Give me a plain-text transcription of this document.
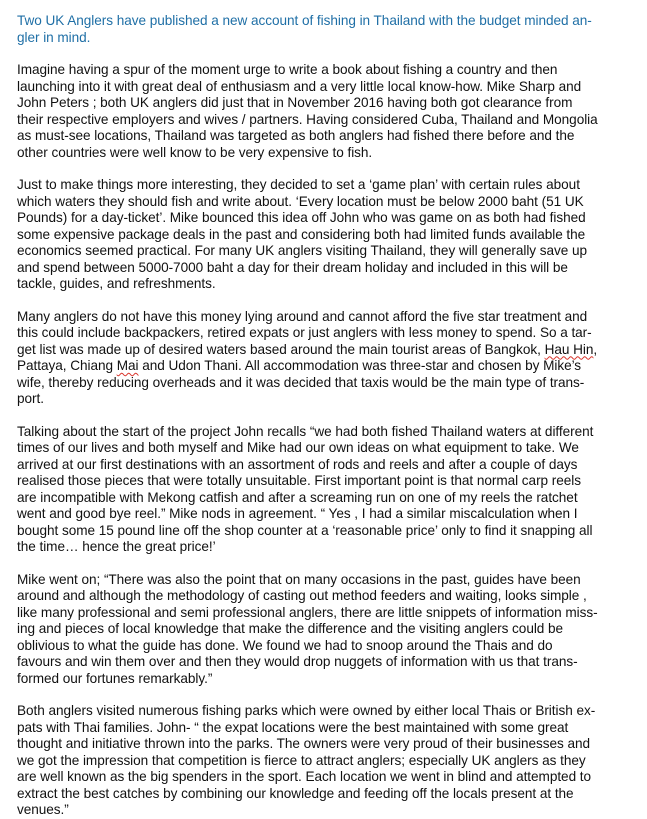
Two UK Anglers have published a new account of fishing in Thailand with the budget minded an-
gler in mind.
Imagine having a spur of the moment urge to write a book about fishing a country and then
launching into it with great deal of enthusiasm and a very little local know-how. Mike Sharp and
John Peters ; both UK anglers did just that in November 2016 having both got clearance from
their respective employers and wives / partners. Having considered Cuba, Thailand and Mongolia
as must-see locations, Thailand was targeted as both anglers had fished there before and the
other countries were well know to be very expensive to fish.
Just to make things more interesting, they decided to set a ‘game plan’ with certain rules about
which waters they should fish and write about. ‘Every location must be below 2000 baht (51 UK
Pounds) for a day-ticket’. Mike bounced this idea off John who was game on as both had fished
some expensive package deals in the past and considering both had limited funds available the
economics seemed practical. For many UK anglers visiting Thailand, they will generally save up
and spend between 5000-7000 baht a day for their dream holiday and included in this will be
tackle, guides, and refreshments.
Many anglers do not have this money lying around and cannot afford the five star treatment and
this could include backpackers, retired expats or just anglers with less money to spend. So a tar-
get list was made up of desired waters based around the main tourist areas of Bangkok, Hau Hin,
Pattaya, Chiang Mai and Udon Thani. All accommodation was three-star and chosen by Mike’s
wife, thereby reducing overheads and it was decided that taxis would be the main type of trans-
port.
Talking about the start of the project John recalls “we had both fished Thailand waters at different
times of our lives and both myself and Mike had our own ideas on what equipment to take. We
arrived at our first destinations with an assortment of rods and reels and after a couple of days
realised those pieces that were totally unsuitable. First important point is that normal carp reels
are incompatible with Mekong catfish and after a screaming run on one of my reels the ratchet
went and good bye reel.” Mike nods in agreement. “ Yes , I had a similar miscalculation when I
bought some 15 pound line off the shop counter at a ‘reasonable price’ only to find it snapping all
the time… hence the great price!’
Mike went on; “There was also the point that on many occasions in the past, guides have been
around and although the methodology of casting out method feeders and waiting, looks simple ,
like many professional and semi professional anglers, there are little snippets of information miss-
ing and pieces of local knowledge that make the difference and the visiting anglers could be
oblivious to what the guide has done. We found we had to snoop around the Thais and do
favours and win them over and then they would drop nuggets of information with us that trans-
formed our fortunes remarkably.”
Both anglers visited numerous fishing parks which were owned by either local Thais or British ex-
pats with Thai families. John- “ the expat locations were the best maintained with some great
thought and initiative thrown into the parks. The owners were very proud of their businesses and
we got the impression that competition is fierce to attract anglers; especially UK anglers as they
are well known as the big spenders in the sport. Each location we went in blind and attempted to
extract the best catches by combining our knowledge and feeding off the locals present at the
venues.”
